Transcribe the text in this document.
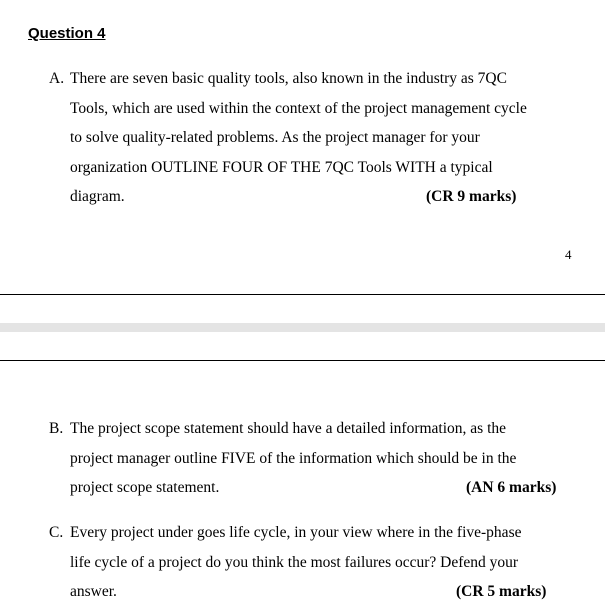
Question 4
A. There are seven basic quality tools, also known in the industry as 7QC
Tools, which are used within the context of the project management cycle
to solve quality-related problems. As the project manager for your
organization OUTLINE FOUR OF THE 7QC Tools WITH a typical
diagram.	(CR 9 marks)
4
B. The project scope statement should have a detailed information, as the
project manager outline FIVE of the information which should be in the
project scope statement.	(AN 6 marks)
C. Every project under goes life cycle, in your view where in the five-phase
life cycle of a project do you think the most failures occur? Defend your
answer.	(CR 5 marks)
